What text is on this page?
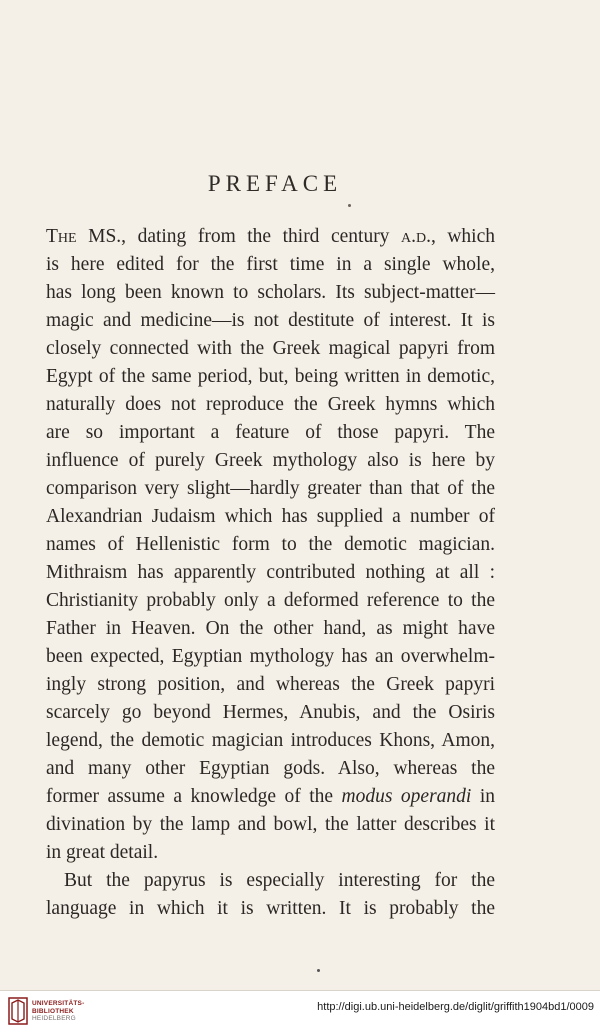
PREFACE
The MS., dating from the third century a.d., which
is here edited for the first time in a single whole,
has long been known to scholars. Its subject-matter—
magic and medicine—is not destitute of interest. It is
closely connected with the Greek magical papyri from
Egypt of the same period, but, being written in demotic,
naturally does not reproduce the Greek hymns which
are so important a feature of those papyri. The
influence of purely Greek mythology also is here by
comparison very slight—hardly greater than that of the
Alexandrian Judaism which has supplied a number of
names of Hellenistic form to the demotic magician.
Mithraism has apparently contributed nothing at all :
Christianity probably only a deformed reference to the
Father in Heaven. On the other hand, as might have
been expected, Egyptian mythology has an overwhelm-
ingly strong position, and whereas the Greek papyri
scarcely go beyond Hermes, Anubis, and the Osiris
legend, the demotic magician introduces Khons, Amon,
and many other Egyptian gods. Also, whereas the
former assume a knowledge of the modus operandi in
divination by the lamp and bowl, the latter describes it
in great detail.
But the papyrus is especially interesting for the
language in which it is written. It is probably the
UNIVERSITÄTS-
BIBLIOTHEK
HEIDELBERG
http://digi.ub.uni-heidelberg.de/diglit/griffith1904bd1/0009
